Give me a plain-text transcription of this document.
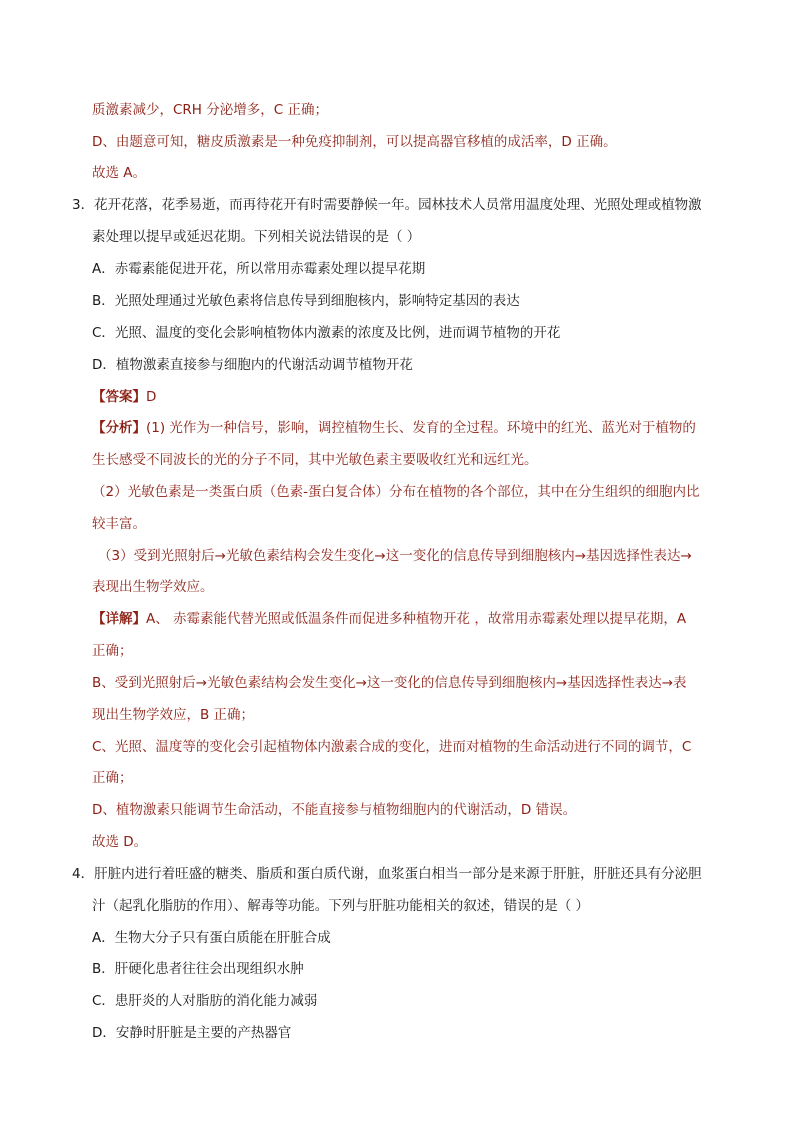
质激素减少，CRH 分泌增多，C 正确；
D、由题意可知，糖皮质激素是一种免疫抑制剂，可以提高器官移植的成活率，D 正确。
故选 A。
3．花开花落，花季易逝，而再待花开有时需要静候一年。园林技术人员常用温度处理、光照处理或植物激
素处理以提早或延迟花期。下列相关说法错误的是（ ）
A．赤霉素能促进开花，所以常用赤霉素处理以提早花期
B．光照处理通过光敏色素将信息传导到细胞核内，影响特定基因的表达
C．光照、温度的变化会影响植物体内激素的浓度及比例，进而调节植物的开花
D．植物激素直接参与细胞内的代谢活动调节植物开花
【答案】D
【分析】(1) 光作为一种信号，影响，调控植物生长、发育的全过程。环境中的红光、蓝光对于植物的
生长感受不同波长的光的分子不同，其中光敏色素主要吸收红光和远红光。
（2）光敏色素是一类蛋白质（色素-蛋白复合体）分布在植物的各个部位，其中在分生组织的细胞内比
较丰富。
（3）受到光照射后→光敏色素结构会发生变化→这一变化的信息传导到细胞核内→基因选择性表达→
表现出生物学效应。
【详解】A、 赤霉素能代替光照或低温条件而促进多种植物开花 ，故常用赤霉素处理以提早花期，A
正确；
B、受到光照射后→光敏色素结构会发生变化→这一变化的信息传导到细胞核内→基因选择性表达→表
现出生物学效应，B 正确；
C、光照、温度等的变化会引起植物体内激素合成的变化，进而对植物的生命活动进行不同的调节，C
正确；
D、植物激素只能调节生命活动，不能直接参与植物细胞内的代谢活动，D 错误。
故选 D。
4．肝脏内进行着旺盛的糖类、脂质和蛋白质代谢，血浆蛋白相当一部分是来源于肝脏，肝脏还具有分泌胆
汁（起乳化脂肪的作用）、解毒等功能。下列与肝脏功能相关的叙述，错误的是（ ）
A．生物大分子只有蛋白质能在肝脏合成
B．肝硬化患者往往会出现组织水肿
C．患肝炎的人对脂肪的消化能力减弱
D．安静时肝脏是主要的产热器官
